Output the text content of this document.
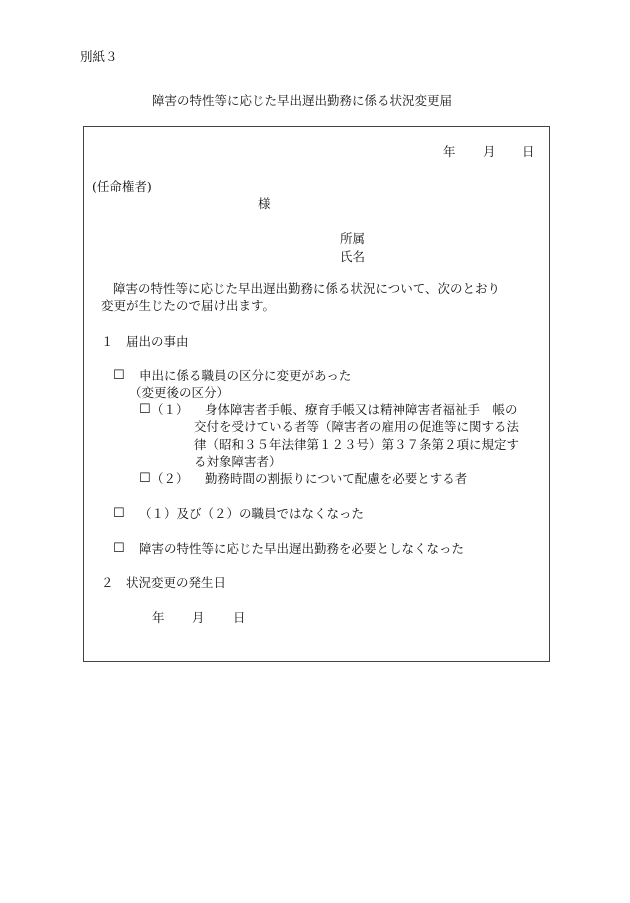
別紙３
障害の特性等に応じた早出遅出勤務に係る状況変更届
年 月 日
(任命権者)
様
所属
氏名
障害の特性等に応じた早出遅出勤務に係る状況について、次のとおり
変更が生じたので届け出ます。
１　届出の事由
☐ 申出に係る職員の区分に変更があった
（変更後の区分）
☐ （１） 身体障害者手帳、療育手帳又は精神障害者福祉手　帳の
交付を受けている者等（障害者の雇用の促進等に関する法
律（昭和３５年法律第１２３号）第３７条第２項に規定す
る対象障害者）
☐ （２） 勤務時間の割振りについて配慮を必要とする者
☐ （１）及び（２）の職員ではなくなった
☐ 障害の特性等に応じた早出遅出勤務を必要としなくなった
２　状況変更の発生日
年 月 日
